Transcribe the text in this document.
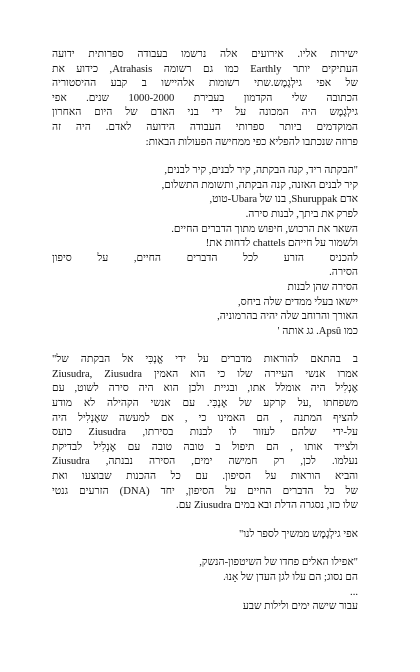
ישירות אליו. אירועים אלה נרשמו בעבודה ספרותית ידועה
העתיקים יותר Earthly כמו גם רשומה Atrahasis, כידוע את
של אפי גילְגָמֶש.שתי רשומות אלהיישו ב קבע ההיסטוריה
הכתובה שלי הקדמון בעבירת 1000-2000 שנים. אפי
גילְגָמֶש היה המכונה על ידי בני האדם של היום האחרון
המוקדמים ביותר ספרותי העבודה הידועה לאדם. היה זה
פרוזה שנכתבו להפליא כפי ממחישה הפעולות הבאות:
"הבקתה ריד, קנה הבקתה, קיר לבנים, קיר לבנים,
קיר לבנים האזנה, קנה הבקתה, ותשומת התשלום,
אדם Shuruppak, בנו של Ubara-טוט,
לפרק את ביתך, לבנות סירה.
השאר את הרכוש, חיפוש מתוך הדברים החיים.
ולשמור על חייהם chattels לדחות את!
להכניס הזרע לכל הדברים החיים, על סיפון
הסירה.
הסירה שהן לבנות
יישאו בעלי ממדים שלה ביחס,
האורך והרוחב שלה יהיה בהרמוניה,
כמו Apsû. גג אותה '
ב בהתאם להוראות מדברים על ידי אֱנְכִּי אל הבקתה של"
אמרו אנשי העיירה שלו כי הוא האמין Ziusudra, Ziusudra
אֶנְלִיל היה אומלל אתו, ובגיית ולכן הוא היה סירה לשוט, עם
משפחתו ,על קרקע של אֶנְכִּי. עם אנשי הקהילה לא מודע
להציף המתנה , הם האמינו כי , אם למעשה שאֶנְלִיל היה
על-ידי שלהם לעזור לו לבנות בסירתו, Ziusudra כועס
ולצייד אותו , הם תיפול ב טובה טובה עם אֶנְלִיל לבדיקת
נעלמו. לכן, רק חמישה ימים, הסירה נבנתה, Ziusudra
והביא הוראות על הסיפון. עם כל ההכנות שבוצעו ואת
של כל הדברים החיים על הסיפון, יחד (DNA) הזרעים גנטי
שלו כזו, נסגרה הדלת ובא במים Ziusudra עם.
אפי גילְגָמֶש ממשיך לספר לנו"
"אפילו האלים פחדו של השיטפון-הנשק,
הם נסוג; הם עלו לגן העדן של אָנוּ.
...
עבור שישה ימים ולילות שבע
